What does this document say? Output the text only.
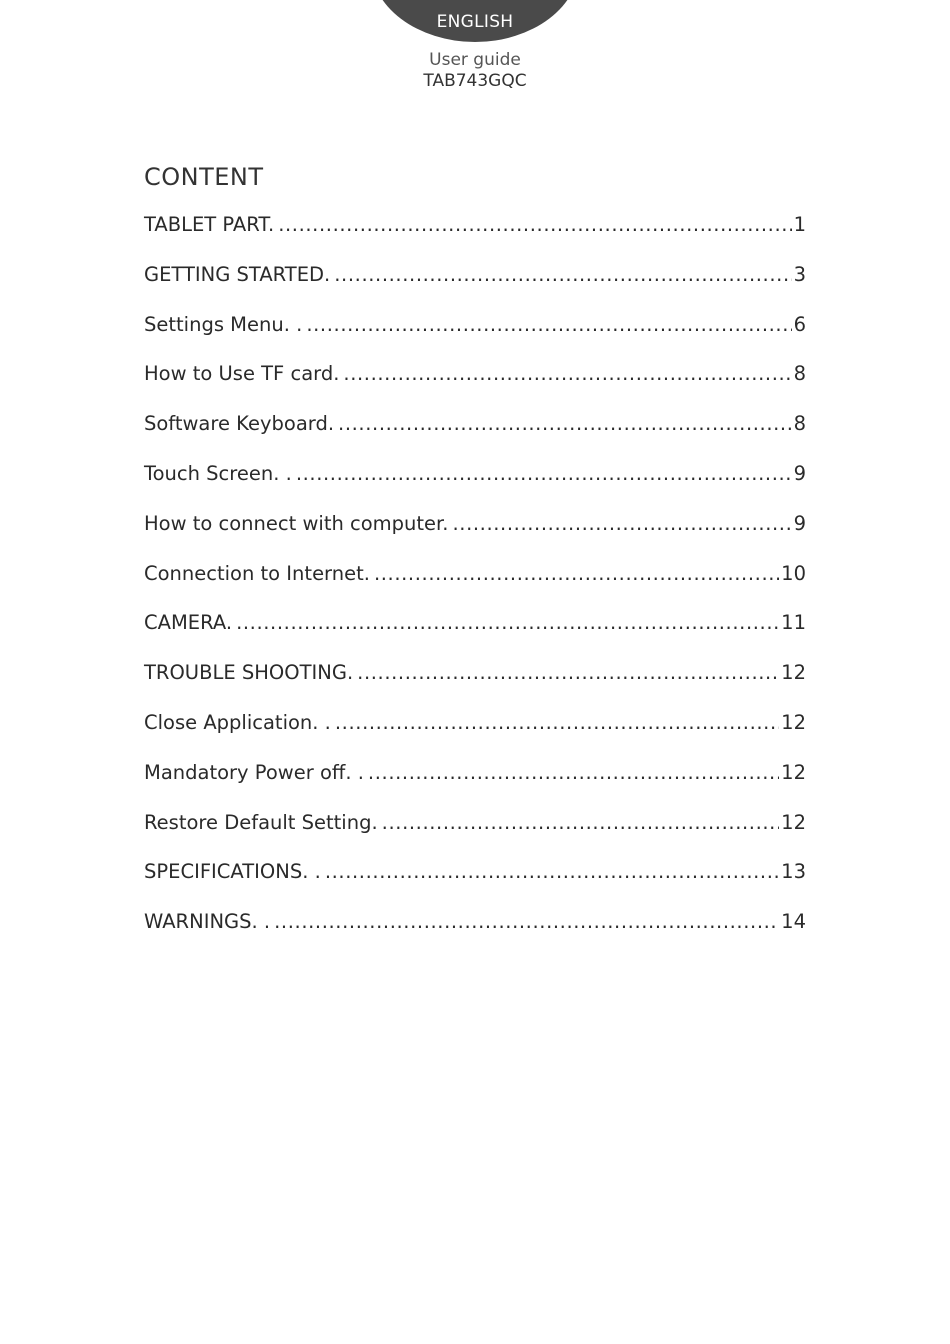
ENGLISH
User guide
TAB743GQC
CONTENT
TABLET PART. .....	1
GETTING STARTED. .....	3
Settings Menu. . .....	6
How to Use TF card. .....	8
Software Keyboard. .....	8
Touch Screen. . .....	9
How to connect with computer. .....	9
Connection to Internet. .....	10
CAMERA. .....	11
TROUBLE SHOOTING. .....	12
Close Application. . .....	12
Mandatory Power off. . .....	12
Restore Default Setting. .....	12
SPECIFICATIONS. . .....	13
WARNINGS. . .....	14
